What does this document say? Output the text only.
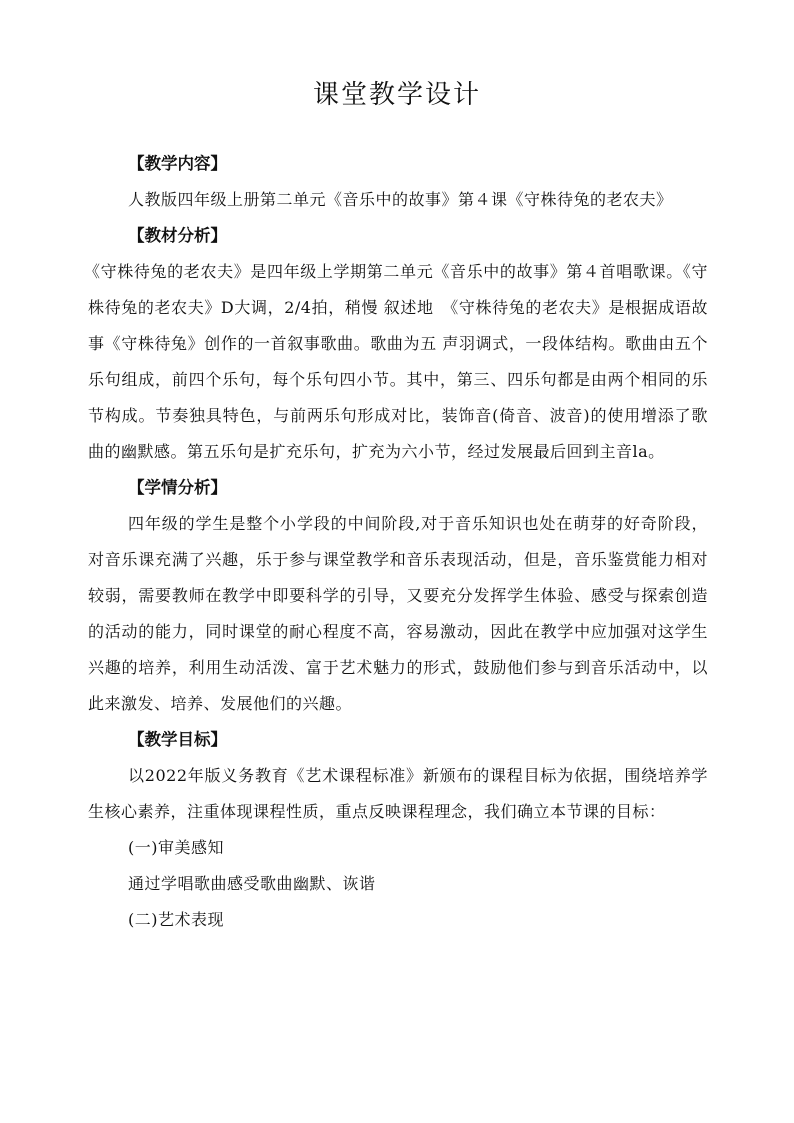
课堂教学设计
【教学内容】

人教版四年级上册第二单元《音乐中的故事》第４课《守株待兔的老农夫》

【教材分析】

《守株待兔的老农夫》是四年级上学期第二单元《音乐中的故事》第４首唱歌课。《守株待兔的老农夫》D大调，2/4拍，稍慢 叙述地　《守株待兔的老农夫》是根据成语故事《守株待兔》创作的一首叙事歌曲。歌曲为五 声羽调式，一段体结构。歌曲由五个乐句组成，前四个乐句，每个乐句四小节。其中，第三、四乐句都是由两个相同的乐节构成。节奏独具特色，与前两乐句形成对比，装饰音(倚音、波音)的使用增添了歌曲的幽默感。第五乐句是扩充乐句，扩充为六小节，经过发展最后回到主音la。

【学情分析】

四年级的学生是整个小学段的中间阶段,对于音乐知识也处在萌芽的好奇阶段，对音乐课充满了兴趣，乐于参与课堂教学和音乐表现活动，但是，音乐鉴赏能力相对较弱，需要教师在教学中即要科学的引导，又要充分发挥学生体验、感受与探索创造的活动的能力，同时课堂的耐心程度不高，容易激动，因此在教学中应加强对这学生兴趣的培养，利用生动活泼、富于艺术魅力的形式，鼓励他们参与到音乐活动中，以此来激发、培养、发展他们的兴趣。

【教学目标】

以2022年版义务教育《艺术课程标准》新颁布的课程目标为依据，围绕培养学生核心素养，注重体现课程性质，重点反映课程理念，我们确立本节课的目标：

(一)审美感知
通过学唱歌曲感受歌曲幽默、诙谐
(二)艺术表现
